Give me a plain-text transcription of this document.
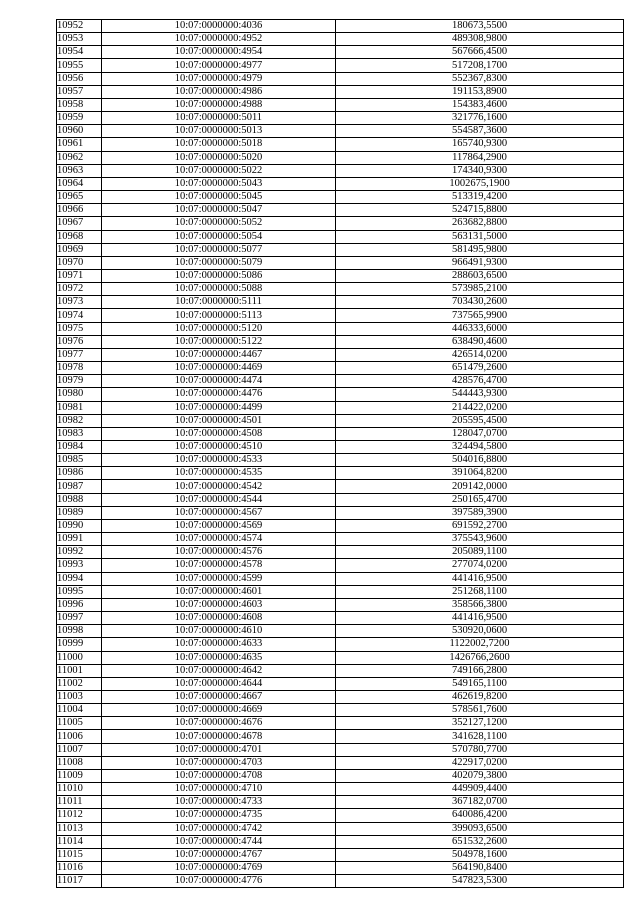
10952	10:07:0000000:4036	180673,5500
10953	10:07:0000000:4952	489308,9800
10954	10:07:0000000:4954	567666,4500
10955	10:07:0000000:4977	517208,1700
10956	10:07:0000000:4979	552367,8300
10957	10:07:0000000:4986	191153,8900
10958	10:07:0000000:4988	154383,4600
10959	10:07:0000000:5011	321776,1600
10960	10:07:0000000:5013	554587,3600
10961	10:07:0000000:5018	165740,9300
10962	10:07:0000000:5020	117864,2900
10963	10:07:0000000:5022	174340,9300
10964	10:07:0000000:5043	1002675,1900
10965	10:07:0000000:5045	513319,4200
10966	10:07:0000000:5047	524715,8800
10967	10:07:0000000:5052	263682,8800
10968	10:07:0000000:5054	563131,5000
10969	10:07:0000000:5077	581495,9800
10970	10:07:0000000:5079	966491,9300
10971	10:07:0000000:5086	288603,6500
10972	10:07:0000000:5088	573985,2100
10973	10:07:0000000:5111	703430,2600
10974	10:07:0000000:5113	737565,9900
10975	10:07:0000000:5120	446333,6000
10976	10:07:0000000:5122	638490,4600
10977	10:07:0000000:4467	426514,0200
10978	10:07:0000000:4469	651479,2600
10979	10:07:0000000:4474	428576,4700
10980	10:07:0000000:4476	544443,9300
10981	10:07:0000000:4499	214422,0200
10982	10:07:0000000:4501	205595,4500
10983	10:07:0000000:4508	128047,0700
10984	10:07:0000000:4510	324494,5800
10985	10:07:0000000:4533	504016,8800
10986	10:07:0000000:4535	391064,8200
10987	10:07:0000000:4542	209142,0000
10988	10:07:0000000:4544	250165,4700
10989	10:07:0000000:4567	397589,3900
10990	10:07:0000000:4569	691592,2700
10991	10:07:0000000:4574	375543,9600
10992	10:07:0000000:4576	205089,1100
10993	10:07:0000000:4578	277074,0200
10994	10:07:0000000:4599	441416,9500
10995	10:07:0000000:4601	251268,1100
10996	10:07:0000000:4603	358566,3800
10997	10:07:0000000:4608	441416,9500
10998	10:07:0000000:4610	530920,0600
10999	10:07:0000000:4633	1122002,7200
11000	10:07:0000000:4635	1426766,2600
11001	10:07:0000000:4642	749166,2800
11002	10:07:0000000:4644	549165,1100
11003	10:07:0000000:4667	462619,8200
11004	10:07:0000000:4669	578561,7600
11005	10:07:0000000:4676	352127,1200
11006	10:07:0000000:4678	341628,1100
11007	10:07:0000000:4701	570780,7700
11008	10:07:0000000:4703	422917,0200
11009	10:07:0000000:4708	402079,3800
11010	10:07:0000000:4710	449909,4400
11011	10:07:0000000:4733	367182,0700
11012	10:07:0000000:4735	640086,4200
11013	10:07:0000000:4742	399093,6500
11014	10:07:0000000:4744	651532,2600
11015	10:07:0000000:4767	504978,1600
11016	10:07:0000000:4769	564190,8400
11017	10:07:0000000:4776	547823,5300
